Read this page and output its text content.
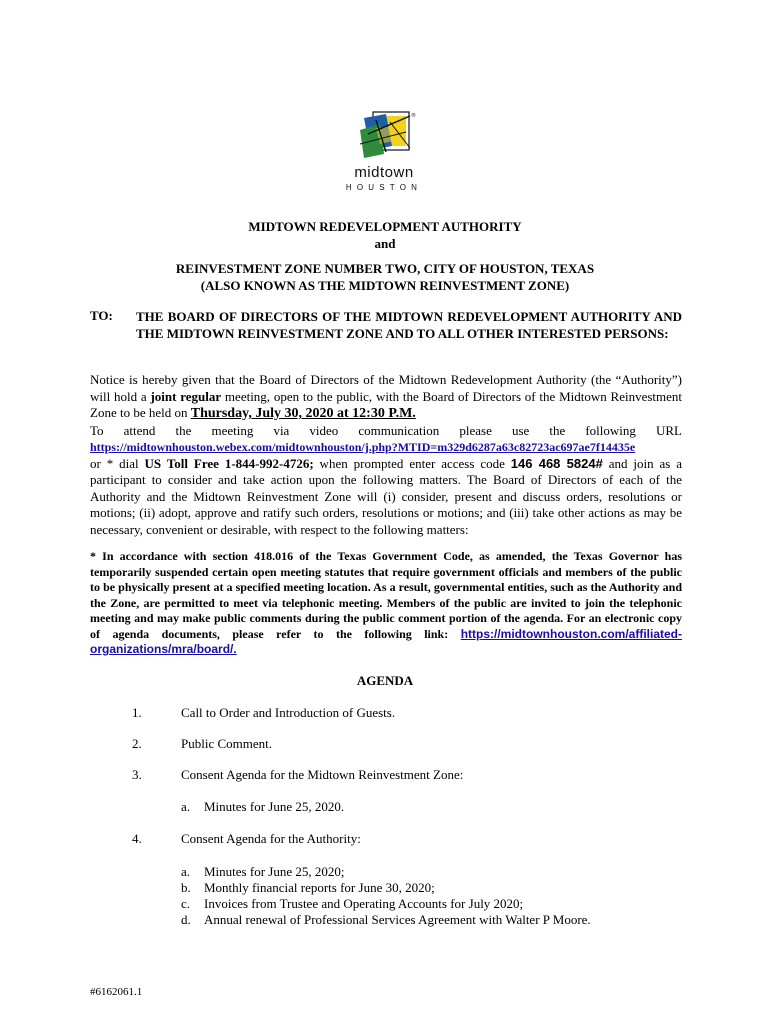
®
midtown
HOUSTON
MIDTOWN REDEVELOPMENT AUTHORITY
and
REINVESTMENT ZONE NUMBER TWO, CITY OF HOUSTON, TEXAS
(ALSO KNOWN AS THE MIDTOWN REINVESTMENT ZONE)
TO: THE BOARD OF DIRECTORS OF THE MIDTOWN REDEVELOPMENT AUTHORITY AND THE MIDTOWN REINVESTMENT ZONE AND TO ALL OTHER INTERESTED PERSONS:
Notice is hereby given that the Board of Directors of the Midtown Redevelopment Authority (the “Authority”) will hold a joint regular meeting, open to the public, with the Board of Directors of the Midtown Reinvestment Zone to be held on Thursday, July 30, 2020 at 12:30 P.M.
To attend the meeting via video communication please use the following URL
https://midtownhouston.webex.com/midtownhouston/j.php?MTID=m329d6287a63c82723ac697ae7f14435e
or * dial US Toll Free 1-844-992-4726; when prompted enter access code 146 468 5824# and join as a participant to consider and take action upon the following matters. The Board of Directors of each of the Authority and the Midtown Reinvestment Zone will (i) consider, present and discuss orders, resolutions or motions; (ii) adopt, approve and ratify such orders, resolutions or motions; and (iii) take other actions as may be necessary, convenient or desirable, with respect to the following matters:
* In accordance with section 418.016 of the Texas Government Code, as amended, the Texas Governor has temporarily suspended certain open meeting statutes that require government officials and members of the public to be physically present at a specified meeting location. As a result, governmental entities, such as the Authority and the Zone, are permitted to meet via telephonic meeting. Members of the public are invited to join the telephonic meeting and may make public comments during the public comment portion of the agenda. For an electronic copy of agenda documents, please refer to the following link: https://midtownhouston.com/affiliated-organizations/mra/board/.
AGENDA
1.	Call to Order and Introduction of Guests.
2.	Public Comment.
3.	Consent Agenda for the Midtown Reinvestment Zone:
a. Minutes for June 25, 2020.
4.	Consent Agenda for the Authority:
a. Minutes for June 25, 2020;
b. Monthly financial reports for June 30, 2020;
c. Invoices from Trustee and Operating Accounts for July 2020;
d. Annual renewal of Professional Services Agreement with Walter P Moore.
#6162061.1
